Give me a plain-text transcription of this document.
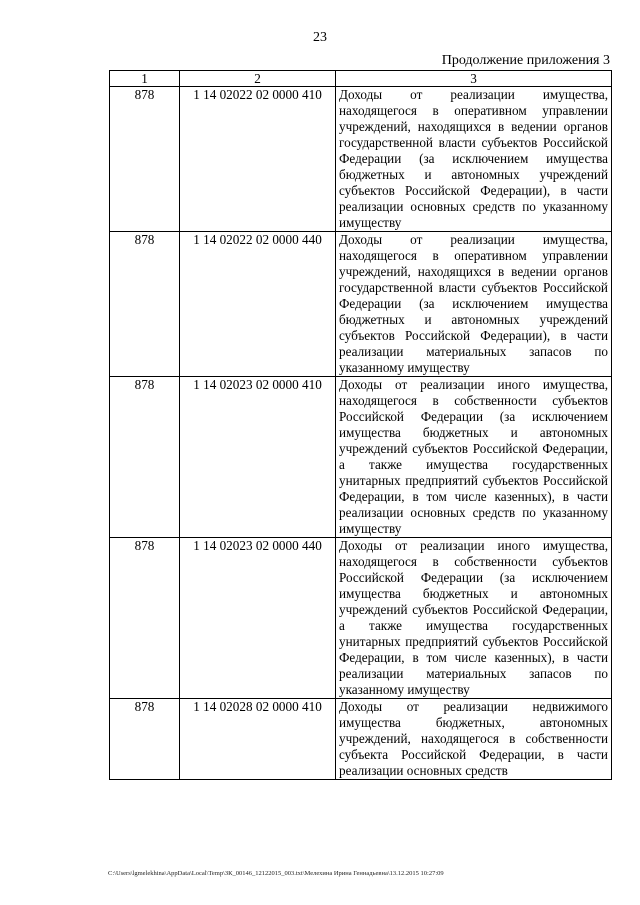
23
Продолжение приложения 3
1	2	3
878	1 14 02022 02 0000 410	Доходы от реализации имущества, находящегося в оперативном управлении учреждений, находящихся в ведении органов государственной власти субъектов Российской Федерации (за исключением имущества бюджетных и автономных учреждений субъектов Российской Федерации), в части реализации основных средств по указанному имуществу
878	1 14 02022 02 0000 440	Доходы от реализации имущества, находящегося в оперативном управлении учреждений, находящихся в ведении органов государственной власти субъектов Российской Федерации (за исключением имущества бюджетных и автономных учреждений субъектов Российской Федерации), в части реализации материальных запасов по указанному имуществу
878	1 14 02023 02 0000 410	Доходы от реализации иного имущества, находящегося в собственности субъектов Российской Федерации (за исключением имущества бюджетных и автономных учреждений субъектов Российской Федерации, а также имущества государственных унитарных предприятий субъектов Российской Федерации, в том числе казенных), в части реализации основных средств по указанному имуществу
878	1 14 02023 02 0000 440	Доходы от реализации иного имущества, находящегося в собственности субъектов Российской Федерации (за исключением имущества бюджетных и автономных учреждений субъектов Российской Федерации, а также имущества государственных унитарных предприятий субъектов Российской Федерации, в том числе казенных), в части реализации материальных запасов по указанному имуществу
878	1 14 02028 02 0000 410	Доходы от реализации недвижимого имущества бюджетных, автономных учреждений, находящегося в собственности субъекта Российской Федерации, в части реализации основных средств
C:\Users\lgmelekhina\AppData\Local\Temp\ЗК_00146_12122015_003.txt\Мелехина Ирина Геннадьевна\13.12.2015 10:27:09
